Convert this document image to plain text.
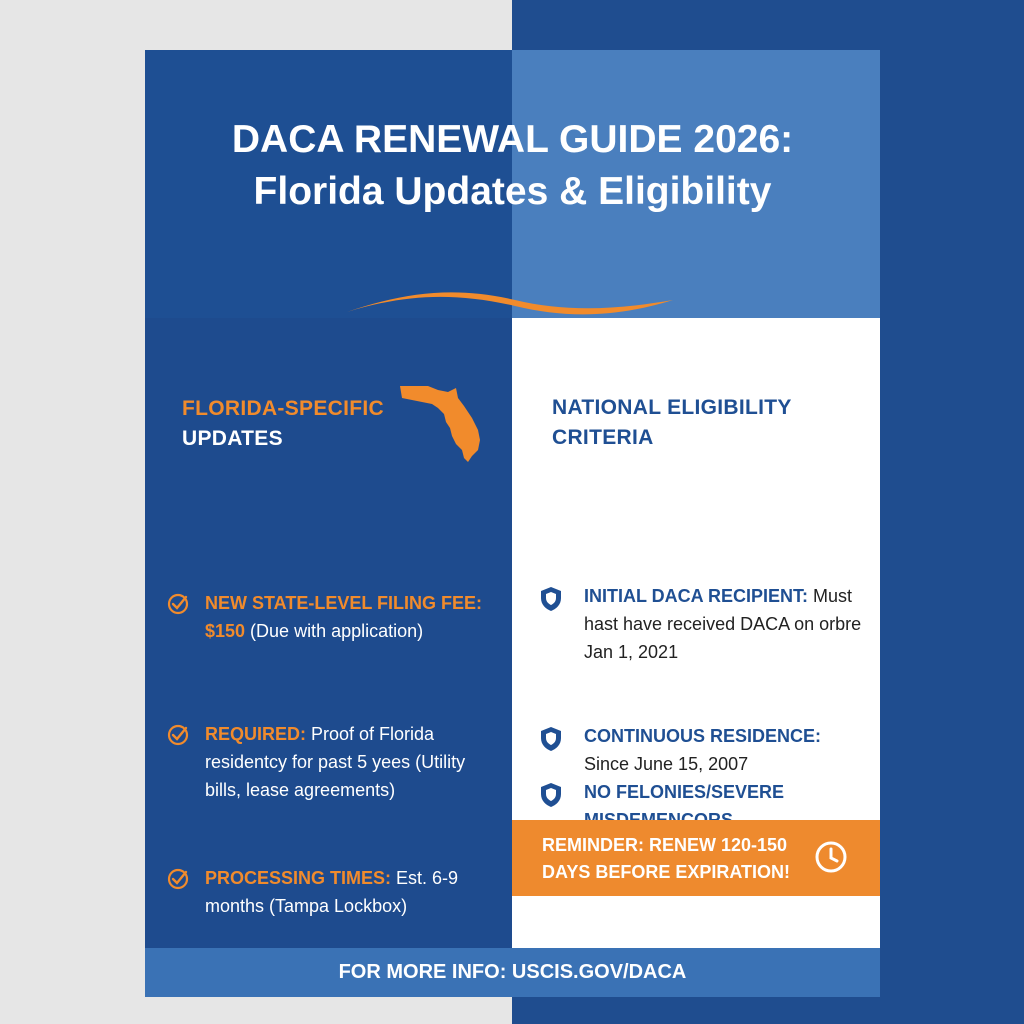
DACA RENEWAL GUIDE 2026:
Florida Updates & Eligibility
FLORIDA-SPECIFIC
UPDATES
NEW STATE-LEVEL FILING FEE: $150 (Due with application)
REQUIRED: Proof of Florida residentcy for past 5 yees (Utility bills, lease agreements)
PROCESSING TIMES: Est. 6-9 months (Tampa Lockbox)
NATIONAL ELIGIBILITY
CRITERIA
INITIAL DACA RECIPIENT: Must hast have received DACA on orbre Jan 1, 2021
CONTINUOUS RESIDENCE: Since June 15, 2007
NO FELONIES/SEVERE
REMINDER: RENEW 120-150
DAYS BEFORE EXPIRATION!
FOR MORE INFO: USCIS.GOV/DACA
